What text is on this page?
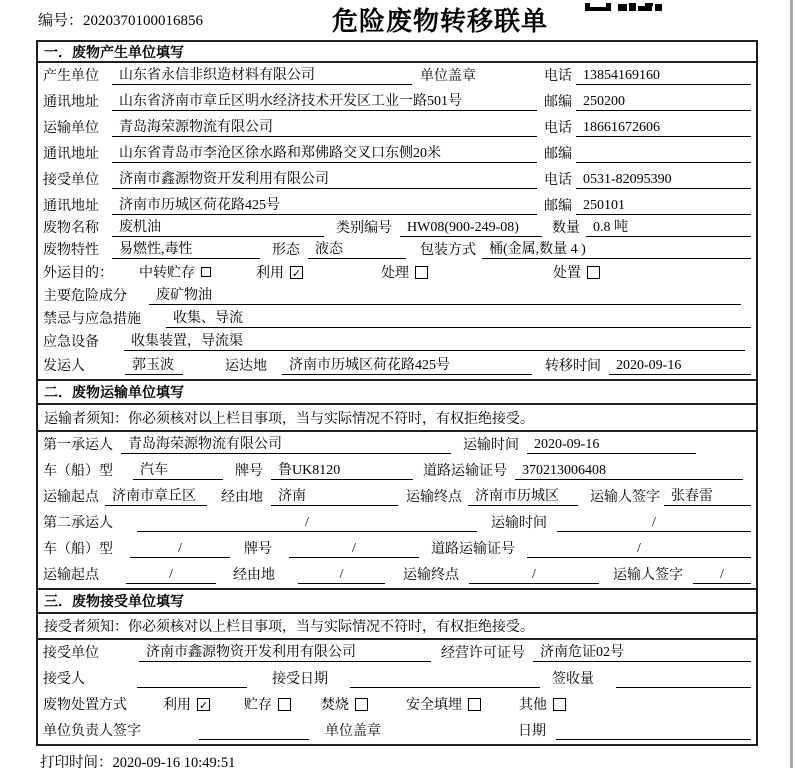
编号：2020370100016856	危险废物转移联单
一．废物产生单位填写
产生单位	山东省永信非织造材料有限公司	单位盖章	电话 13854169160
通讯地址	山东省济南市章丘区明水经济技术开发区工业一路501号	邮编 250200
运输单位	青岛海荣源物流有限公司	电话 18661672606
通讯地址	山东省青岛市李沧区徐水路和郑佛路交叉口东侧20米	邮编
接受单位	济南市鑫源物资开发利用有限公司	电话 0531-82095390
通讯地址	济南市历城区荷花路425号	邮编 250101
废物名称	废机油	类别编号	HW08(900-249-08)	数量 0.8 吨
废物特性	易燃性,毒性	形态	液态	包装方式 桶(金属,数量 4 )
外运目的： 中转贮存	利用 ✓	处理	处置
主要危险成分	废矿物油
禁忌与应急措施	收集、导流
应急设备	收集装置，导流渠
发运人	郭玉波	运达地	济南市历城区荷花路425号	转移时间	2020-09-16
二．废物运输单位填写
运输者须知：你必须核对以上栏目事项，当与实际情况不符时，有权拒绝接受。
第一承运人	青岛海荣源物流有限公司	运输时间	2020-09-16
车（船）型	汽车	牌号	鲁UK8120	道路运输证号	370213006408
运输起点 济南市章丘区	经由地	济南	运输终点 济南市历城区	运输人签字 张春雷
第二承运人	/	运输时间	/
车（船）型	/	牌号	/	道路运输证号	/
运输起点	/	经由地	/	运输终点	/	运输人签字	/
三．废物接受单位填写
接受者须知：你必须核对以上栏目事项，当与实际情况不符时，有权拒绝接受。
接受单位	济南市鑫源物资开发利用有限公司	经营许可证号	济南危证02号
接受人	接受日期	签收量
废物处置方式	利用 ✓	贮存	焚烧	安全填埋	其他
单位负责人签字	单位盖章	日期
打印时间：2020-09-16 10:49:51
